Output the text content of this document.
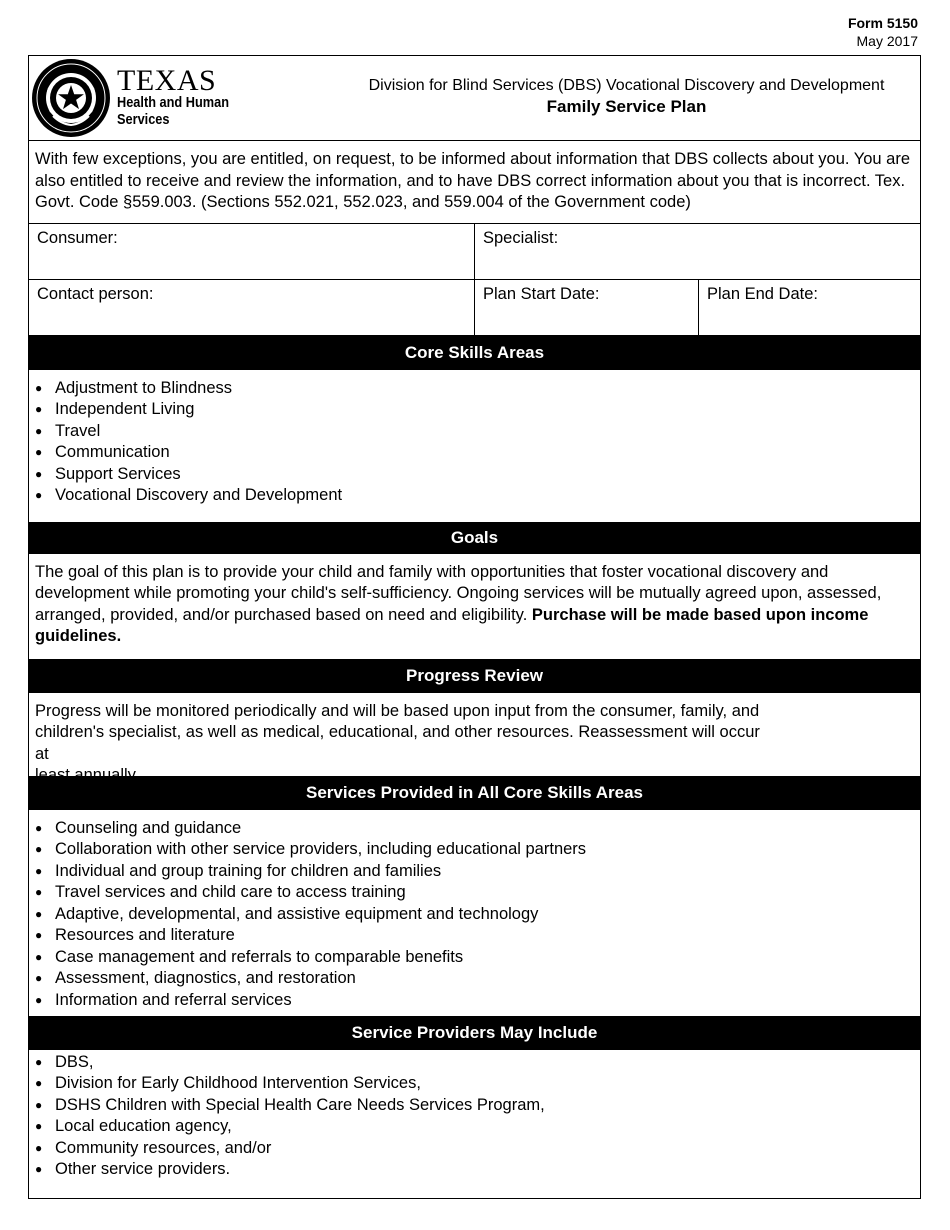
Form 5150
May 2017
TEXAS
Health and Human
Services
Division for Blind Services (DBS) Vocational Discovery and Development
Family Service Plan
With few exceptions, you are entitled, on request, to be informed about information that DBS collects about you. You are also entitled to receive and review the information, and to have DBS correct information about you that is incorrect. Tex. Govt. Code §559.003. (Sections 552.021, 552.023, and 559.004 of the Government code)
Consumer:	Specialist:
Contact person:	Plan Start Date:	Plan End Date:
Core Skills Areas
● Adjustment to Blindness
● Independent Living
● Travel
● Communication
● Support Services
● Vocational Discovery and Development
Goals
The goal of this plan is to provide your child and family with opportunities that foster vocational discovery and development while promoting your child's self-sufficiency. Ongoing services will be mutually agreed upon, assessed, arranged, provided, and/or purchased based on need and eligibility. Purchase will be made based upon income guidelines.
Progress Review
Progress will be monitored periodically and will be based upon input from the consumer, family, and children's specialist, as well as medical, educational, and other resources. Reassessment will occur at
least annually.
Services Provided in All Core Skills Areas
● Counseling and guidance
● Collaboration with other service providers, including educational partners
● Individual and group training for children and families
● Travel services and child care to access training
● Adaptive, developmental, and assistive equipment and technology
● Resources and literature
● Case management and referrals to comparable benefits
● Assessment, diagnostics, and restoration
● Information and referral services
Service Providers May Include
● DBS,
● Division for Early Childhood Intervention Services,
● DSHS Children with Special Health Care Needs Services Program,
● Local education agency,
● Community resources, and/or
● Other service providers.
